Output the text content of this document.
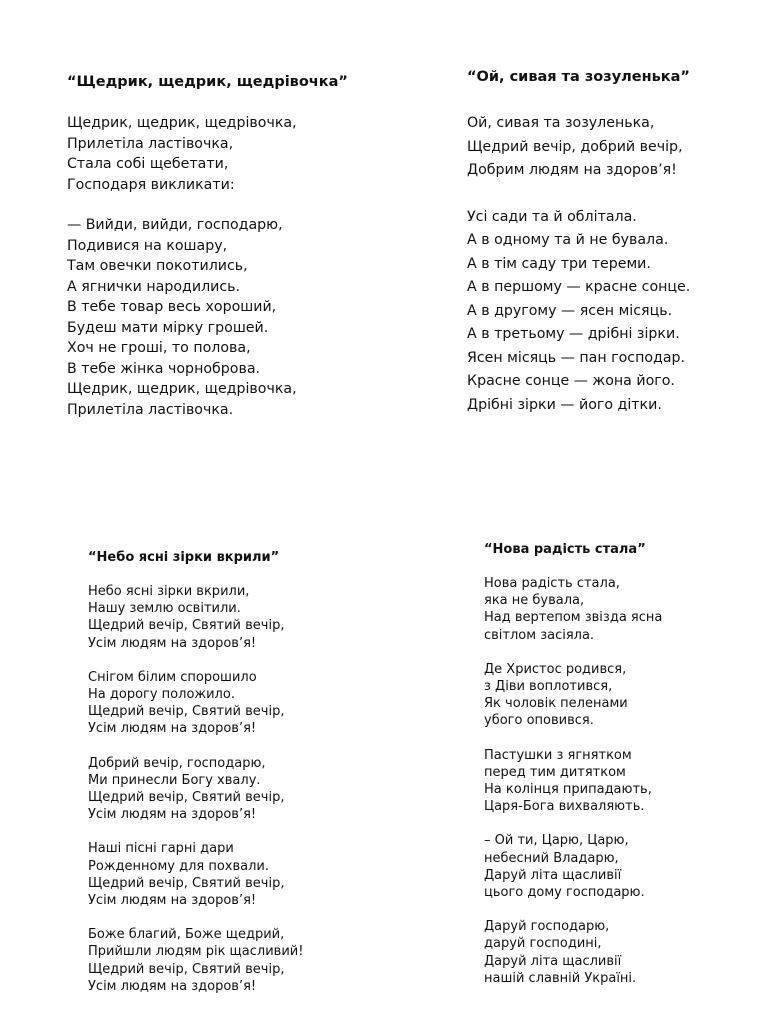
“Щедрик, щедрик, щедрівочка”
Щедрик, щедрик, щедрівочка,
Прилетіла ластівочка,
Стала собі щебетати,
Господаря викликати:
— Вийди, вийди, господарю,
Подивися на кошару,
Там овечки покотились,
А ягнички народились.
В тебе товар весь хороший,
Будеш мати мірку грошей.
Хоч не гроші, то полова,
В тебе жінка чорноброва.
Щедрик, щедрик, щедрівочка,
Прилетіла ластівочка.
“Ой, сивая та зозуленька”
Ой, сивая та зозуленька,
Щедрий вечір, добрий вечір,
Добрим людям на здоров’я!
Усі сади та й облітала.
А в одному та й не бувала.
А в тім саду три тереми.
А в першому — красне сонце.
А в другому — ясен місяць.
А в третьому — дрібні зірки.
Ясен місяць — пан господар.
Красне сонце — жона його.
Дрібні зірки — його дітки.
“Небо ясні зірки вкрили”
Небо ясні зірки вкрили,
Нашу землю освітили.
Щедрий вечір, Святий вечір,
Усім людям на здоров’я!
Снігом білим спорошило
На дорогу положило.
Щедрий вечір, Святий вечір,
Усім людям на здоров’я!
Добрий вечір, господарю,
Ми принесли Богу хвалу.
Щедрий вечір, Святий вечір,
Усім людям на здоров’я!
Наші пісні гарні дари
Рожденному для похвали.
Щедрий вечір, Святий вечір,
Усім людям на здоров’я!
Боже благий, Боже щедрий,
Прийшли людям рік щасливий!
Щедрий вечір, Святий вечір,
Усім людям на здоров’я!
“Нова радість стала”
Нова радість стала,
яка не бувала,
Над вертепом звізда ясна
світлом засіяла.
Де Христос родився,
з Діви воплотився,
Як чоловік пеленами
убого оповився.
Пастушки з ягнятком
перед тим дитятком
На колінця припадають,
Царя-Бога вихваляють.
– Ой ти, Царю, Царю,
небесний Владарю,
Даруй літа щасливії
цього дому господарю.
Даруй господарю,
даруй господині,
Даруй літа щасливії
нашій славній Україні.
